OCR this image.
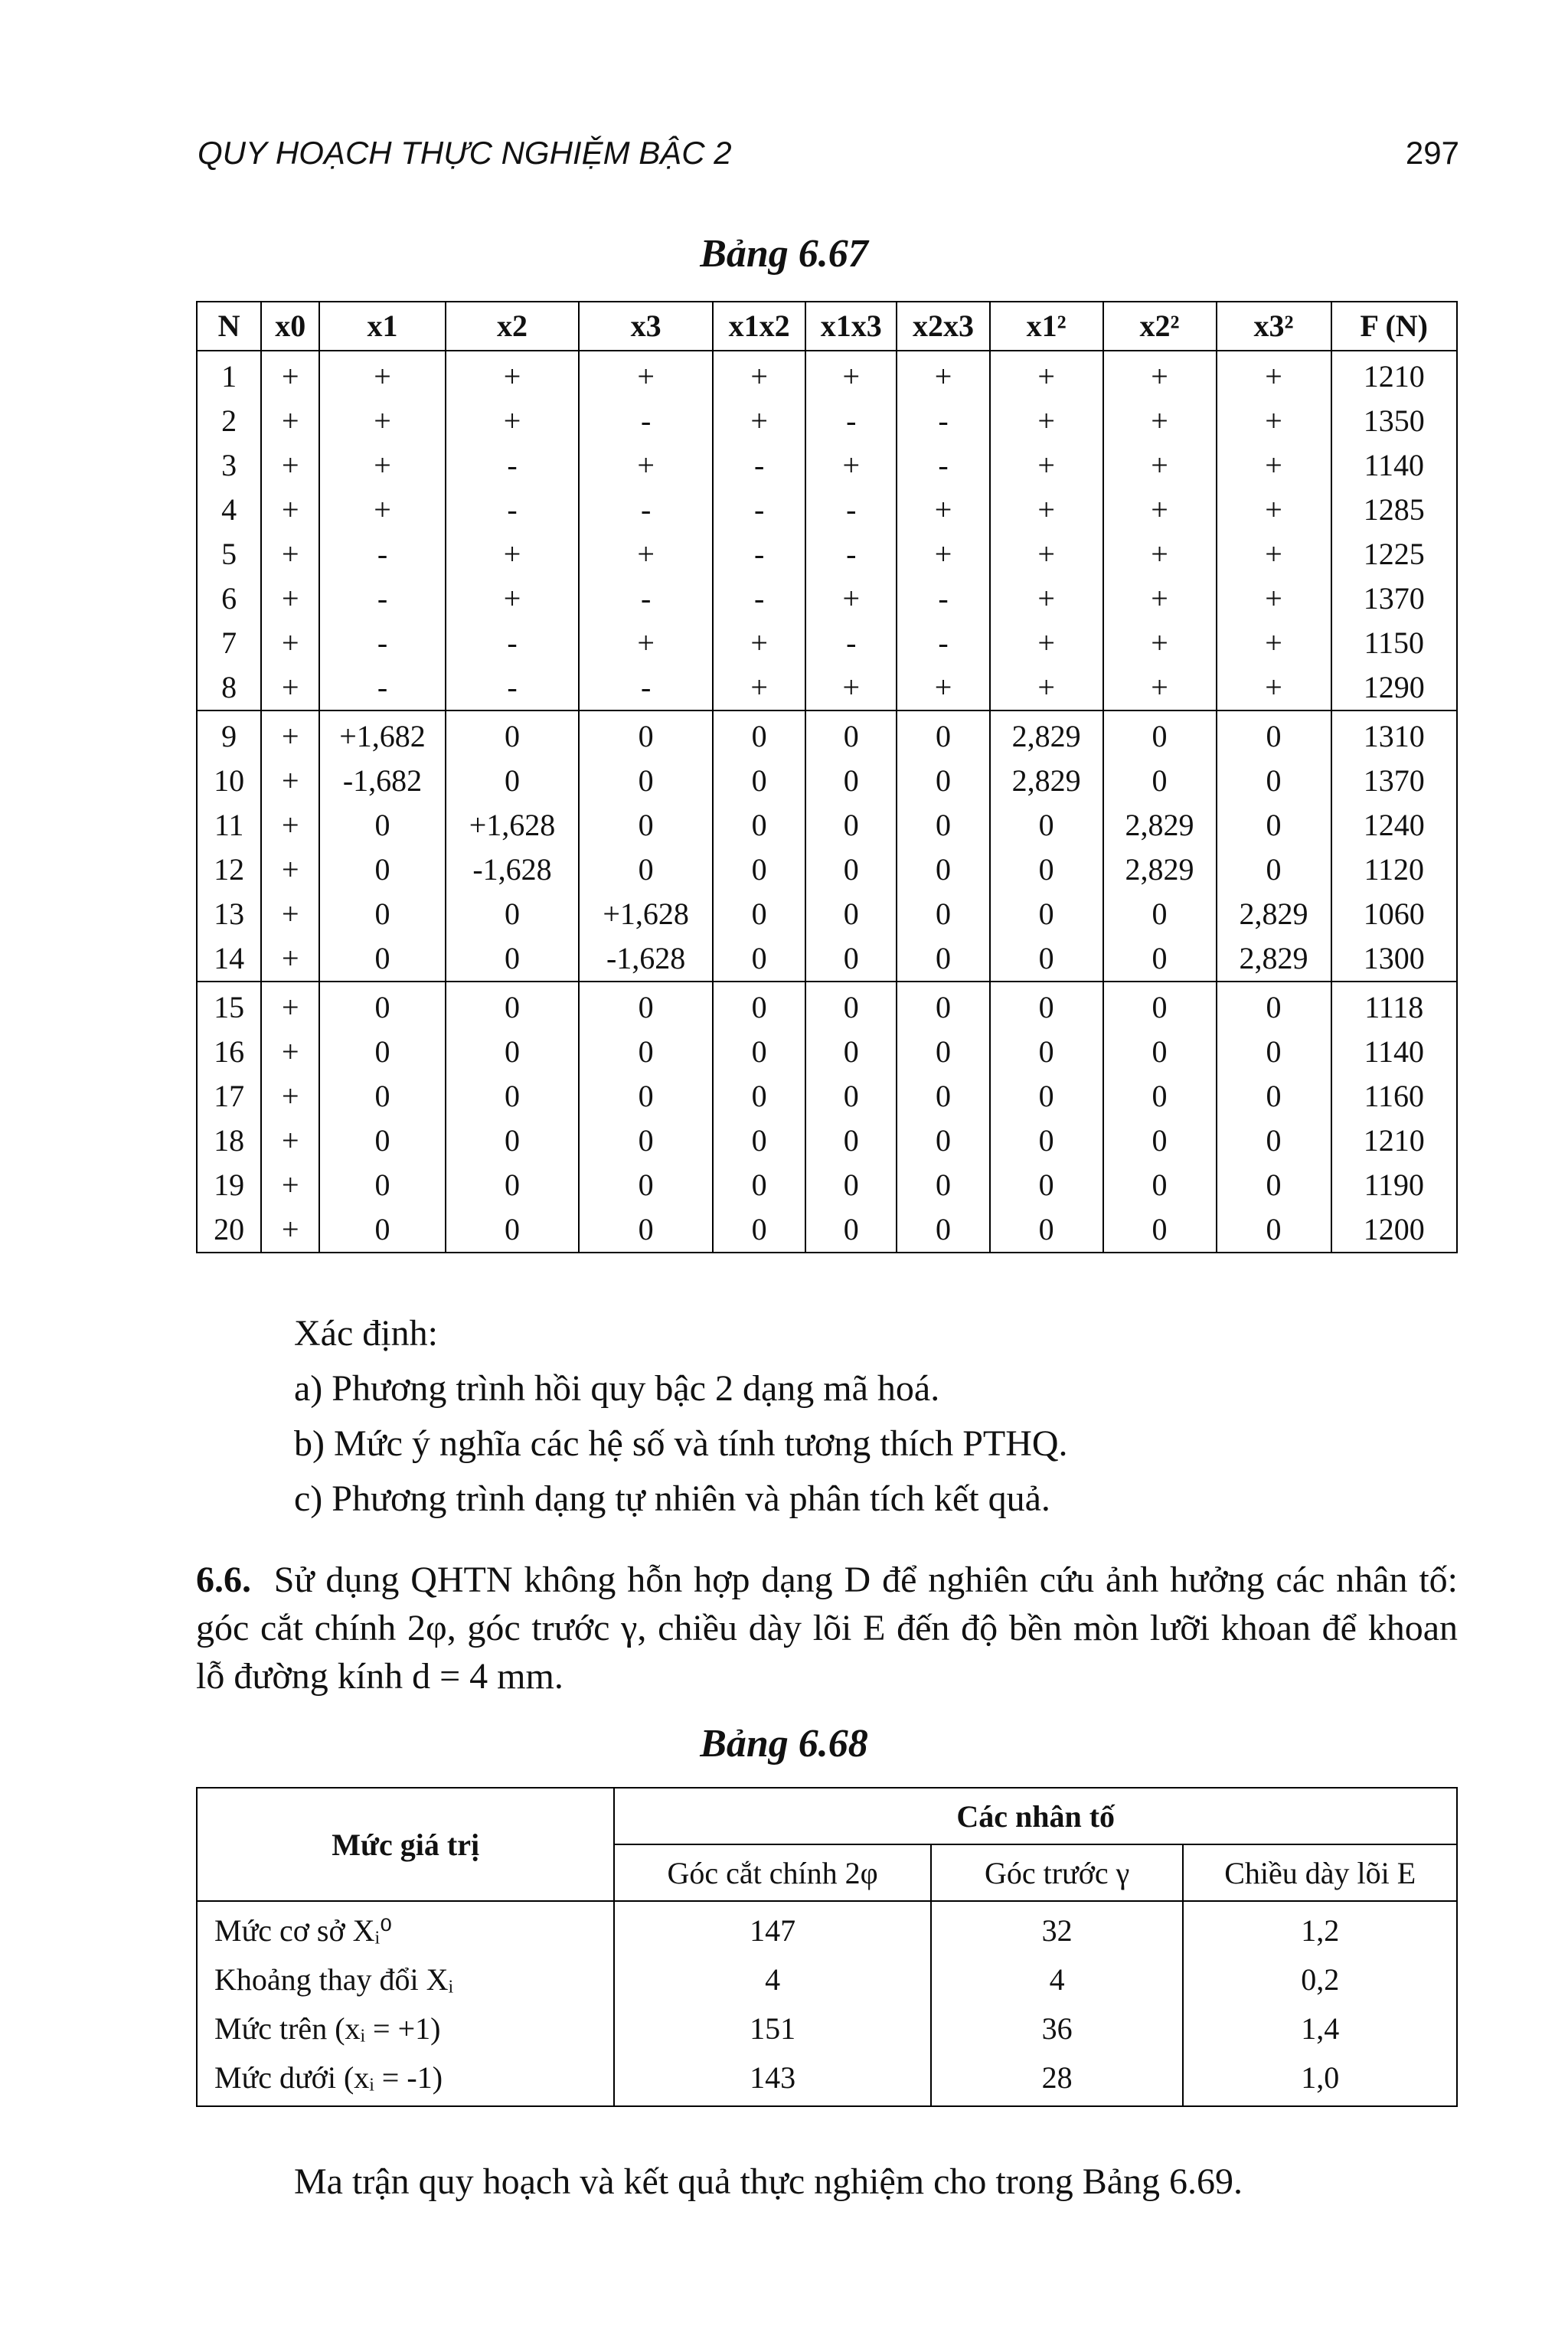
QUY HOẠCH THỰC NGHIỆM BẬC 2	297
Bảng 6.67
N	x0	x1	x2	x3	x1x2	x1x3	x2x3	x1²	x2²	x3²	F (N)
1	+	+	+	+	+	+	+	+	+	+	1210
2	+	+	+	-	+	-	-	+	+	+	1350
3	+	+	-	+	-	+	-	+	+	+	1140
4	+	+	-	-	-	-	+	+	+	+	1285
5	+	-	+	+	-	-	+	+	+	+	1225
6	+	-	+	-	-	+	-	+	+	+	1370
7	+	-	-	+	+	-	-	+	+	+	1150
8	+	-	-	-	+	+	+	+	+	+	1290
9	+	+1,682	0	0	0	0	0	2,829	0	0	1310
10	+	-1,682	0	0	0	0	0	2,829	0	0	1370
11	+	0	+1,628	0	0	0	0	0	2,829	0	1240
12	+	0	-1,628	0	0	0	0	0	2,829	0	1120
13	+	0	0	+1,628	0	0	0	0	0	2,829	1060
14	+	0	0	-1,628	0	0	0	0	0	2,829	1300
15	+	0	0	0	0	0	0	0	0	0	1118
16	+	0	0	0	0	0	0	0	0	0	1140
17	+	0	0	0	0	0	0	0	0	0	1160
18	+	0	0	0	0	0	0	0	0	0	1210
19	+	0	0	0	0	0	0	0	0	0	1190
20	+	0	0	0	0	0	0	0	0	0	1200
Xác định:
a) Phương trình hồi quy bậc 2 dạng mã hoá.
b) Mức ý nghĩa các hệ số và tính tương thích PTHQ.
c) Phương trình dạng tự nhiên và phân tích kết quả.
6.6. Sử dụng QHTN không hỗn hợp dạng D để nghiên cứu ảnh hưởng các nhân tố: góc cắt chính 2φ, góc trước γ, chiều dày lõi E đến độ bền mòn lưỡi khoan để khoan lỗ đường kính d = 4 mm.
Bảng 6.68
Mức giá trị	Các nhân tố		
	Góc cắt chính 2φ	Góc trước γ	Chiều dày lõi E
Mức cơ sở Xᵢ⁰	147	32	1,2
Khoảng thay đổi Xᵢ	4	4	0,2
Mức trên (xᵢ = +1)	151	36	1,4
Mức dưới (xᵢ = -1)	143	28	1,0
Ma trận quy hoạch và kết quả thực nghiệm cho trong Bảng 6.69.
